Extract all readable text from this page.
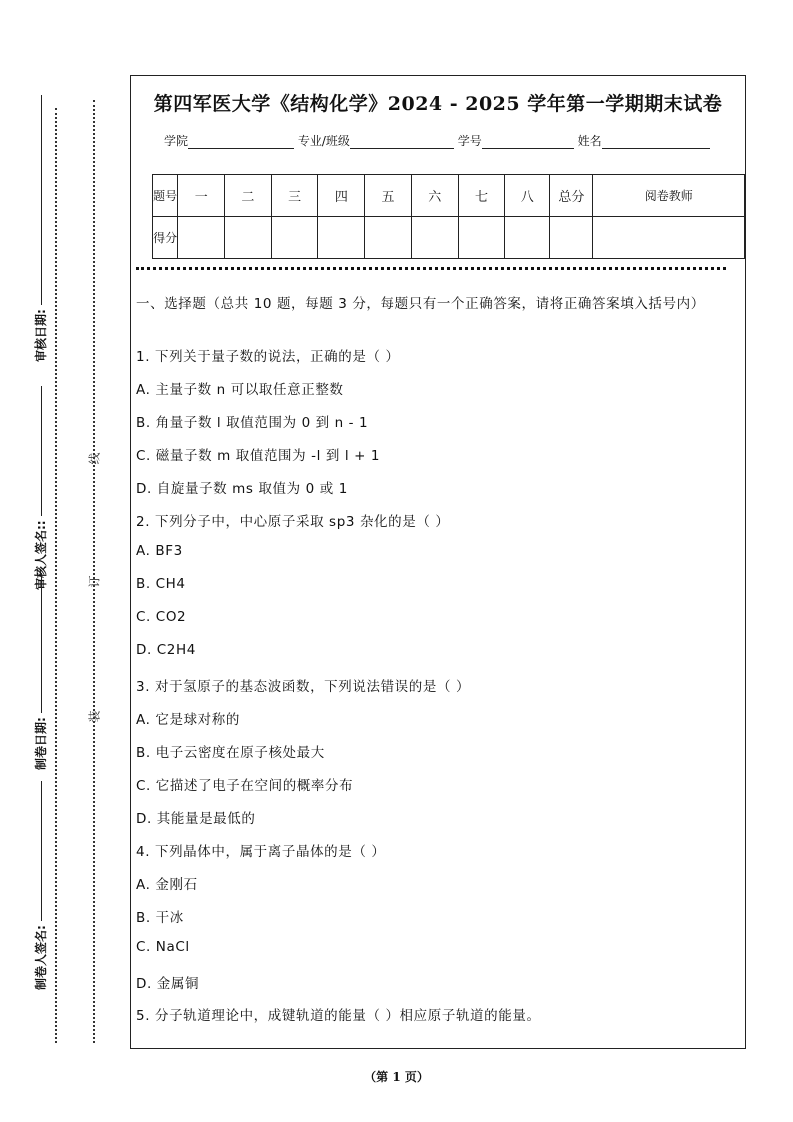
审核日期:
审核人签名::
制卷日期:
制卷人签名:
线
订
装
第四军医大学《结构化学》2024 - 2025 学年第一学期期末试卷
学院	专业/班级	学号	姓名
题号	一	二	三	四	五	六	七	八	总分	阅卷教师
得分										
一、选择题（总共 10 题，每题 3 分，每题只有一个正确答案，请将正确答案填入括号内）
1. 下列关于量子数的说法，正确的是（ ）
A. 主量子数 n 可以取任意正整数
B. 角量子数 l 取值范围为 0 到 n - 1
C. 磁量子数 m 取值范围为 -l 到 l + 1
D. 自旋量子数 ms 取值为 0 或 1
2. 下列分子中，中心原子采取 sp3 杂化的是（ ）
A. BF3
B. CH4
C. CO2
D. C2H4
3. 对于氢原子的基态波函数，下列说法错误的是（ ）
A. 它是球对称的
B. 电子云密度在原子核处最大
C. 它描述了电子在空间的概率分布
D. 其能量是最低的
4. 下列晶体中，属于离子晶体的是（ ）
A. 金刚石
B. 干冰
C. NaCl
D. 金属铜
5. 分子轨道理论中，成键轨道的能量（ ）相应原子轨道的能量。
（第 1 页）
